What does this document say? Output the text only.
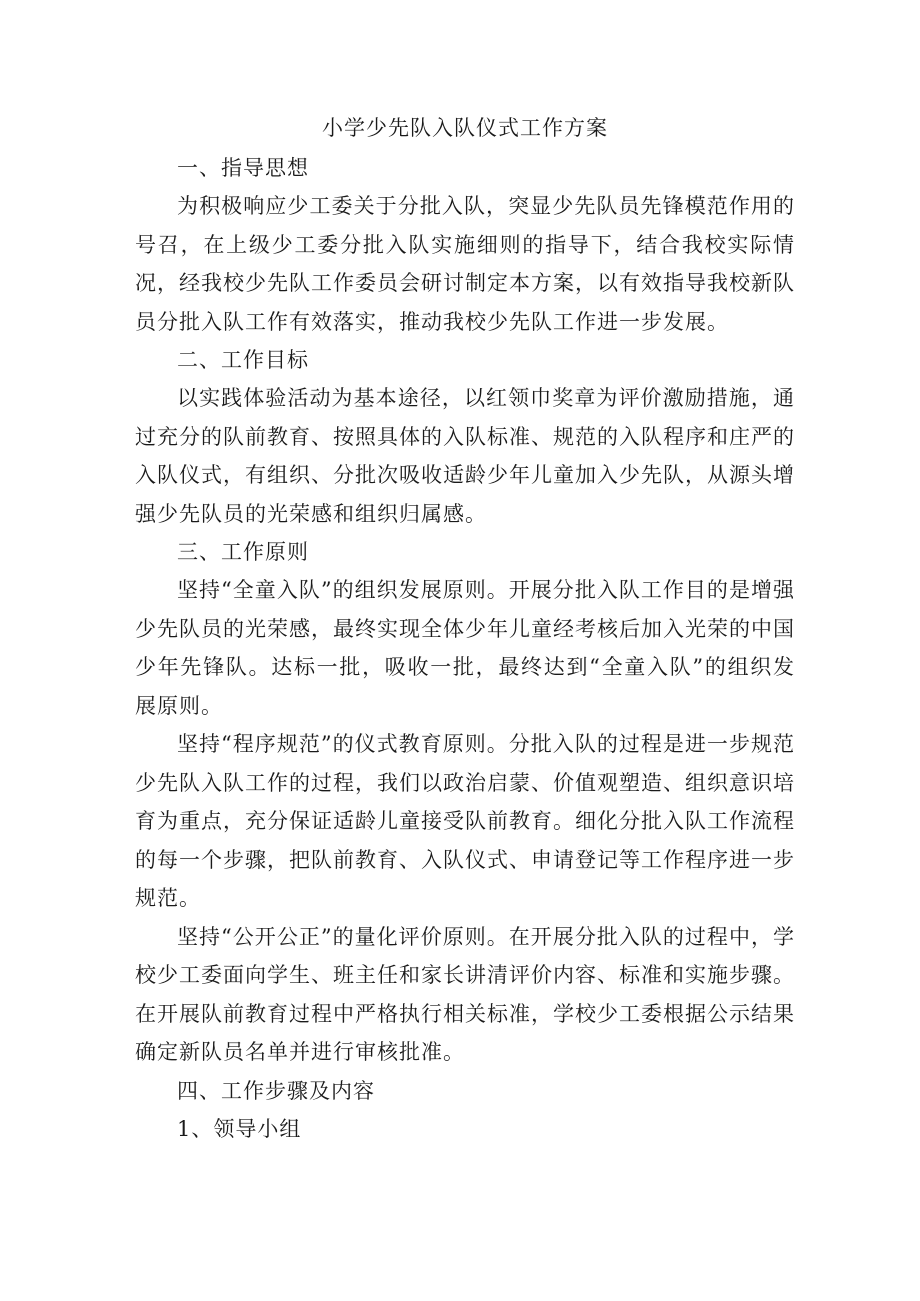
小学少先队入队仪式工作方案
一、指导思想

为积极响应少工委关于分批入队，突显少先队员先锋模范作用的号召，在上级少工委分批入队实施细则的指导下，结合我校实际情况，经我校少先队工作委员会研讨制定本方案，以有效指导我校新队员分批入队工作有效落实，推动我校少先队工作进一步发展。

二、工作目标

以实践体验活动为基本途径，以红领巾奖章为评价激励措施，通过充分的队前教育、按照具体的入队标准、规范的入队程序和庄严的入队仪式，有组织、分批次吸收适龄少年儿童加入少先队，从源头增强少先队员的光荣感和组织归属感。

三、工作原则

坚持“全童入队”的组织发展原则。开展分批入队工作目的是增强少先队员的光荣感，最终实现全体少年儿童经考核后加入光荣的中国少年先锋队。达标一批，吸收一批，最终达到“全童入队”的组织发展原则。

坚持“程序规范”的仪式教育原则。分批入队的过程是进一步规范少先队入队工作的过程，我们以政治启蒙、价值观塑造、组织意识培育为重点，充分保证适龄儿童接受队前教育。细化分批入队工作流程的每一个步骤，把队前教育、入队仪式、申请登记等工作程序进一步规范。

坚持“公开公正”的量化评价原则。在开展分批入队的过程中，学校少工委面向学生、班主任和家长讲清评价内容、标准和实施步骤。在开展队前教育过程中严格执行相关标准，学校少工委根据公示结果确定新队员名单并进行审核批准。

四、工作步骤及内容
1、领导小组
